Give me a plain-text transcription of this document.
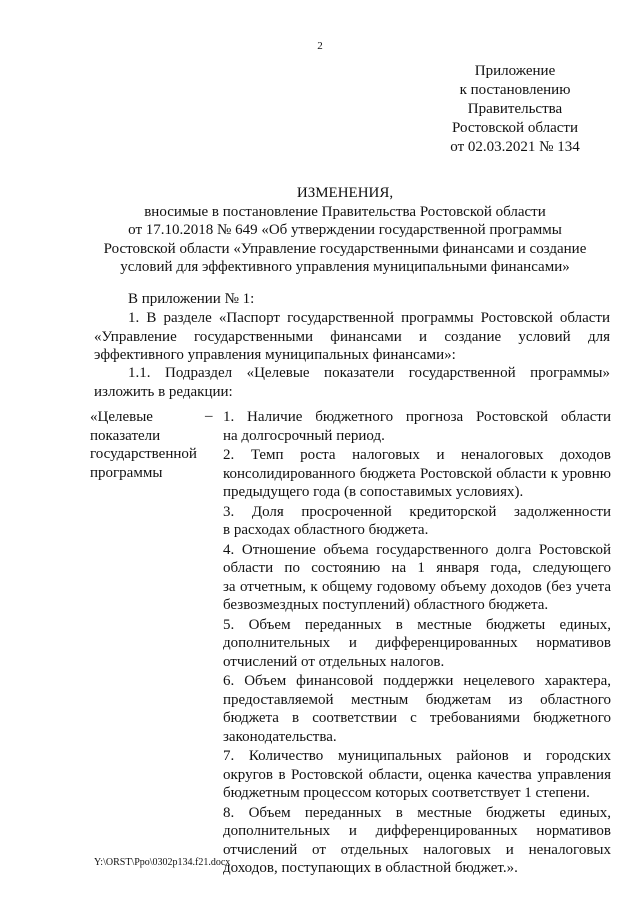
2
Приложение
к постановлению
Правительства
Ростовской области
от 02.03.2021 № 134
ИЗМЕНЕНИЯ,
вносимые в постановление Правительства Ростовской области
от 17.10.2018 № 649 «Об утверждении государственной программы
Ростовской области «Управление государственными финансами и создание
условий для эффективного управления муниципальными финансами»
В приложении № 1:
1. В разделе «Паспорт государственной программы Ростовской области
«Управление государственными финансами и создание условий для
эффективного управления муниципальных финансами»:
1.1. Подраздел «Целевые показатели государственной программы»
изложить в редакции:
«Целевые
показатели
государственной
программы
– 1. Наличие бюджетного прогноза Ростовской области
на долгосрочный период.
2. Темп роста налоговых и неналоговых доходов
консолидированного бюджета Ростовской области к уровню
предыдущего года (в сопоставимых условиях).
3. Доля просроченной кредиторской задолженности
в расходах областного бюджета.
4. Отношение объема государственного долга Ростовской
области по состоянию на 1 января года, следующего
за отчетным, к общему годовому объему доходов (без учета
безвозмездных поступлений) областного бюджета.
5. Объем переданных в местные бюджеты единых,
дополнительных и дифференцированных нормативов
отчислений от отдельных налогов.
6. Объем финансовой поддержки нецелевого характера,
предоставляемой местным бюджетам из областного
бюджета в соответствии с требованиями бюджетного
законодательства.
7. Количество муниципальных районов и городских
округов в Ростовской области, оценка качества управления
бюджетным процессом которых соответствует 1 степени.
8. Объем переданных в местные бюджеты единых,
дополнительных и дифференцированных нормативов
отчислений от отдельных налоговых и неналоговых
доходов, поступающих в областной бюджет.».
Y:\ORST\Ppo\0302p134.f21.docx
